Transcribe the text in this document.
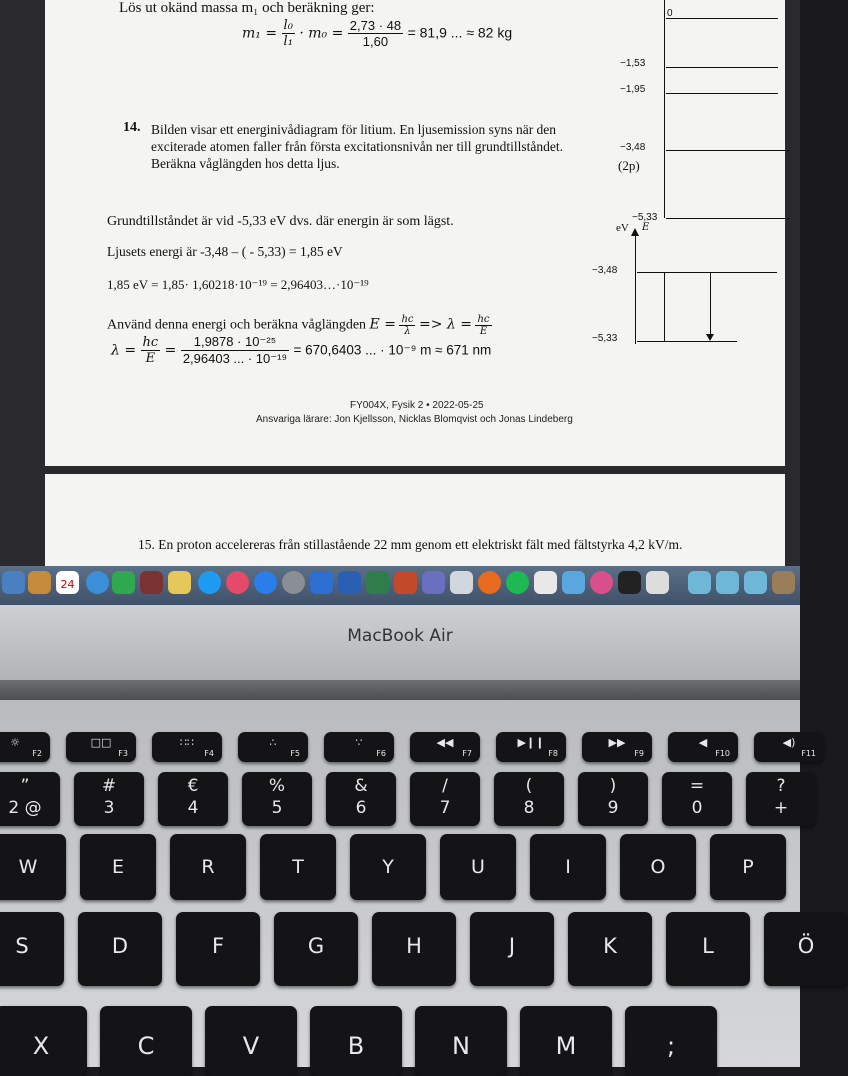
Lös ut okänd massa m₁ och beräkning ger:
$m_1 = \frac{\text{l₀}}{\text{l₁}} \cdot m_0 = \frac{2,73 \cdot 48}{1,60} = 81,9$ ... ≈ 82 kg
14. Bilden visar ett energinivådiagram för litium. En ljusemission syns när den
exciterade atomen faller från första excitationsnivån ner till grundtillståndet.
Beräkna våglängden hos detta ljus.	(2p)
Grundtillståndet är vid -5,33 eV dvs. där energin är som lägst.
Ljusets energi är -3,48 – ( - 5,33) = 1,85 eV
1,85 eV = 1,85· 1,60218·10⁻¹⁹ = 2,96403…·10⁻¹⁹
Använd denna energi och beräkna våglängden $E = \frac{hc}{\lambda} => \lambda = \frac{hc}{E}$
$\lambda = \frac{hc}{E} = \frac{\text{1,9878 · 10⁻²⁵}}{\text{2,96403 ... · 10⁻¹⁹}} = 670,6403$ ... · 10⁻⁹ m ≈ 671 nm
FY004X, Fysik 2 • 2022-05-25
Ansvariga lärare: Jon Kjellsson, Nicklas Blomqvist och Jonas Lindeberg
0
−1,53
−1,95
−3,48
−5,33
eV E
−3,48
−5,33
15. En proton accelereras från stillastående 22 mm genom ett elektriskt fält med fältstyrka 4,2 kV/m.
24
MacBook Air
☼
F2
□□
F3
∷∷
F4
∴
F5
∵
F6
◀◀
F7
▶❙❙
F8
▶▶
F9
◀
F10
◀)
F11
”
2 @
#
3
€
4
%
5
&
6
/
7
(
8
)
9
=
0
?
+
W	E	R	T	Y	U	I	O	P
S	D	F	G	H	J	K	L	Ö
X	C	V	B	N	M	;
